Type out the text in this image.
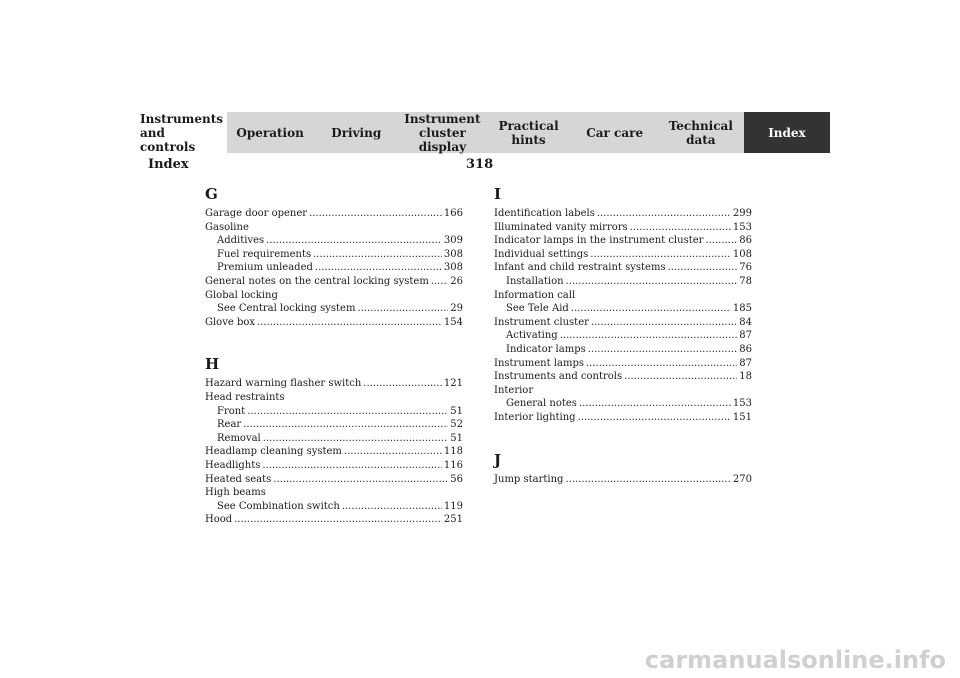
Instruments
and controls
Operation	Driving
Instrument
cluster display
Practical hints	Car care	Technical
data	Index
Index	318
G
Garage door opener .....	166
Gasoline
Additives .....	309
Fuel requirements .....	308
Premium unleaded .....	308
General notes on the central locking system ..... 26
Global locking
See Central locking system .....	29
Glove box .....	154
H
Hazard warning flasher switch .....	121
Head restraints
Front .....	51
Rear .....	52
Removal .....	51
Headlamp cleaning system .....	118
Headlights .....	116
Heated seats .....	56
High beams
See Combination switch .....	119
Hood .....	251
I
Identification labels .....	299
Illuminated vanity mirrors .....	153
Indicator lamps in the instrument cluster .....	86
Individual settings .....	108
Infant and child restraint systems .....	76
Installation .....	78
Information call
See Tele Aid .....	185
Instrument cluster .....	84
Activating .....	87
Indicator lamps .....	86
Instrument lamps .....	87
Instruments and controls .....	18
Interior
General notes .....	153
Interior lighting .....	151
J
Jump starting .....	270
carmanualsonline.info
